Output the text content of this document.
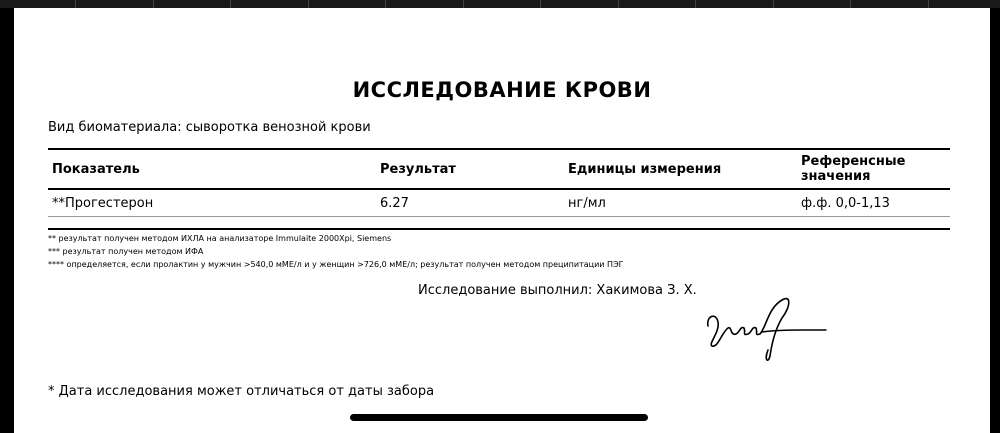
ИССЛЕДОВАНИЕ КРОВИ
Вид биоматериала: сыворотка венозной крови
Показатель	Результат	Единицы измерения	Референсные значения
**Прогестерон	6.27	нг/мл	ф.ф. 0,0-1,13
** результат получен методом ИХЛА на анализаторе Immulaite 2000Xpi, Siemens
*** результат получен методом ИФА
**** определяется, если пролактин у мужчин >540,0 мМЕ/л и у женщин >726,0 мМЕ/л; результат получен методом преципитации ПЭГ
Исследование выполнил: Хакимова З. Х.
* Дата исследования может отличаться от даты забора
